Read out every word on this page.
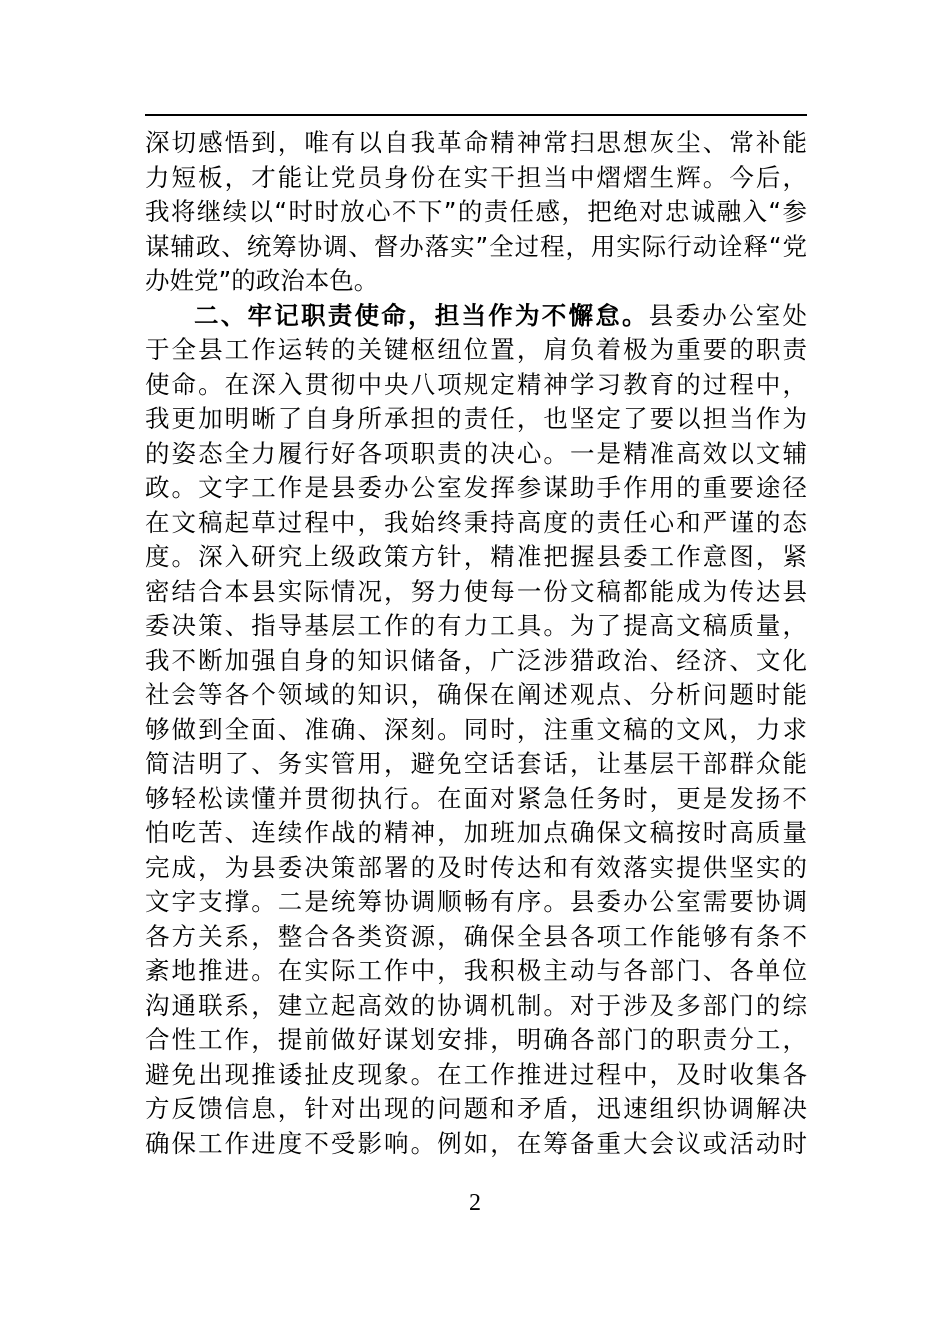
深切感悟到，唯有以自我革命精神常扫思想灰尘、常补能
力短板，才能让党员身份在实干担当中熠熠生辉。今后，
我将继续以“时时放心不下”的责任感，把绝对忠诚融入“参
谋辅政、统筹协调、督办落实”全过程，用实际行动诠释“党
办姓党”的政治本色。
二、牢记职责使命，担当作为不懈怠。县委办公室处
于全县工作运转的关键枢纽位置，肩负着极为重要的职责
使命。在深入贯彻中央八项规定精神学习教育的过程中，
我更加明晰了自身所承担的责任，也坚定了要以担当作为
的姿态全力履行好各项职责的决心。一是精准高效以文辅
政。文字工作是县委办公室发挥参谋助手作用的重要途径
在文稿起草过程中，我始终秉持高度的责任心和严谨的态
度。深入研究上级政策方针，精准把握县委工作意图，紧
密结合本县实际情况，努力使每一份文稿都能成为传达县
委决策、指导基层工作的有力工具。为了提高文稿质量，
我不断加强自身的知识储备，广泛涉猎政治、经济、文化
社会等各个领域的知识，确保在阐述观点、分析问题时能
够做到全面、准确、深刻。同时，注重文稿的文风，力求
简洁明了、务实管用，避免空话套话，让基层干部群众能
够轻松读懂并贯彻执行。在面对紧急任务时，更是发扬不
怕吃苦、连续作战的精神，加班加点确保文稿按时高质量
完成，为县委决策部署的及时传达和有效落实提供坚实的
文字支撑。二是统筹协调顺畅有序。县委办公室需要协调
各方关系，整合各类资源，确保全县各项工作能够有条不
紊地推进。在实际工作中，我积极主动与各部门、各单位
沟通联系，建立起高效的协调机制。对于涉及多部门的综
合性工作，提前做好谋划安排，明确各部门的职责分工，
避免出现推诿扯皮现象。在工作推进过程中，及时收集各
方反馈信息，针对出现的问题和矛盾，迅速组织协调解决
确保工作进度不受影响。例如，在筹备重大会议或活动时
2
